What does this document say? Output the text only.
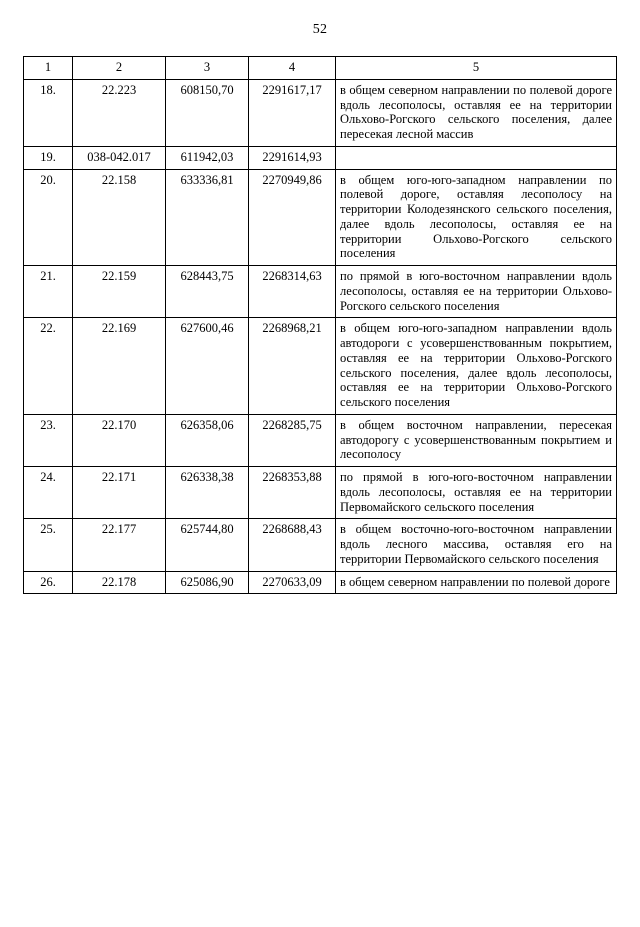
52
1	2	3	4	5
18.	22.223	608150,70	2291617,17	в общем северном направлении по полевой дороге вдоль лесополосы, оставляя ее на территории Ольхово-Рогского сельского поселения, далее пересекая лесной массив
19.	038-042.017	611942,03	2291614,93	
20.	22.158	633336,81	2270949,86	в общем юго-юго-западном направлении по полевой дороге, оставляя лесополосу на территории Колодезянского сельского поселения, далее вдоль лесополосы, оставляя ее на территории Ольхово-Рогского сельского поселения
21.	22.159	628443,75	2268314,63	по прямой в юго-восточном направлении вдоль лесополосы, оставляя ее на территории Ольхово-Рогского сельского поселения
22.	22.169	627600,46	2268968,21	в общем юго-юго-западном направлении вдоль автодороги с усовершенствованным покрытием, оставляя ее на территории Ольхово-Рогского сельского поселения, далее вдоль лесополосы, оставляя ее на территории Ольхово-Рогского сельского поселения
23.	22.170	626358,06	2268285,75	в общем восточном направлении, пересекая автодорогу с усовершенствованным покрытием и лесополосу
24.	22.171	626338,38	2268353,88	по прямой в юго-юго-восточном направлении вдоль лесополосы, оставляя ее на территории Первомайского сельского поселения
25.	22.177	625744,80	2268688,43	в общем восточно-юго-восточном направлении вдоль лесного массива, оставляя его на территории Первомайского сельского поселения
26.	22.178	625086,90	2270633,09	в общем северном направлении по полевой дороге
